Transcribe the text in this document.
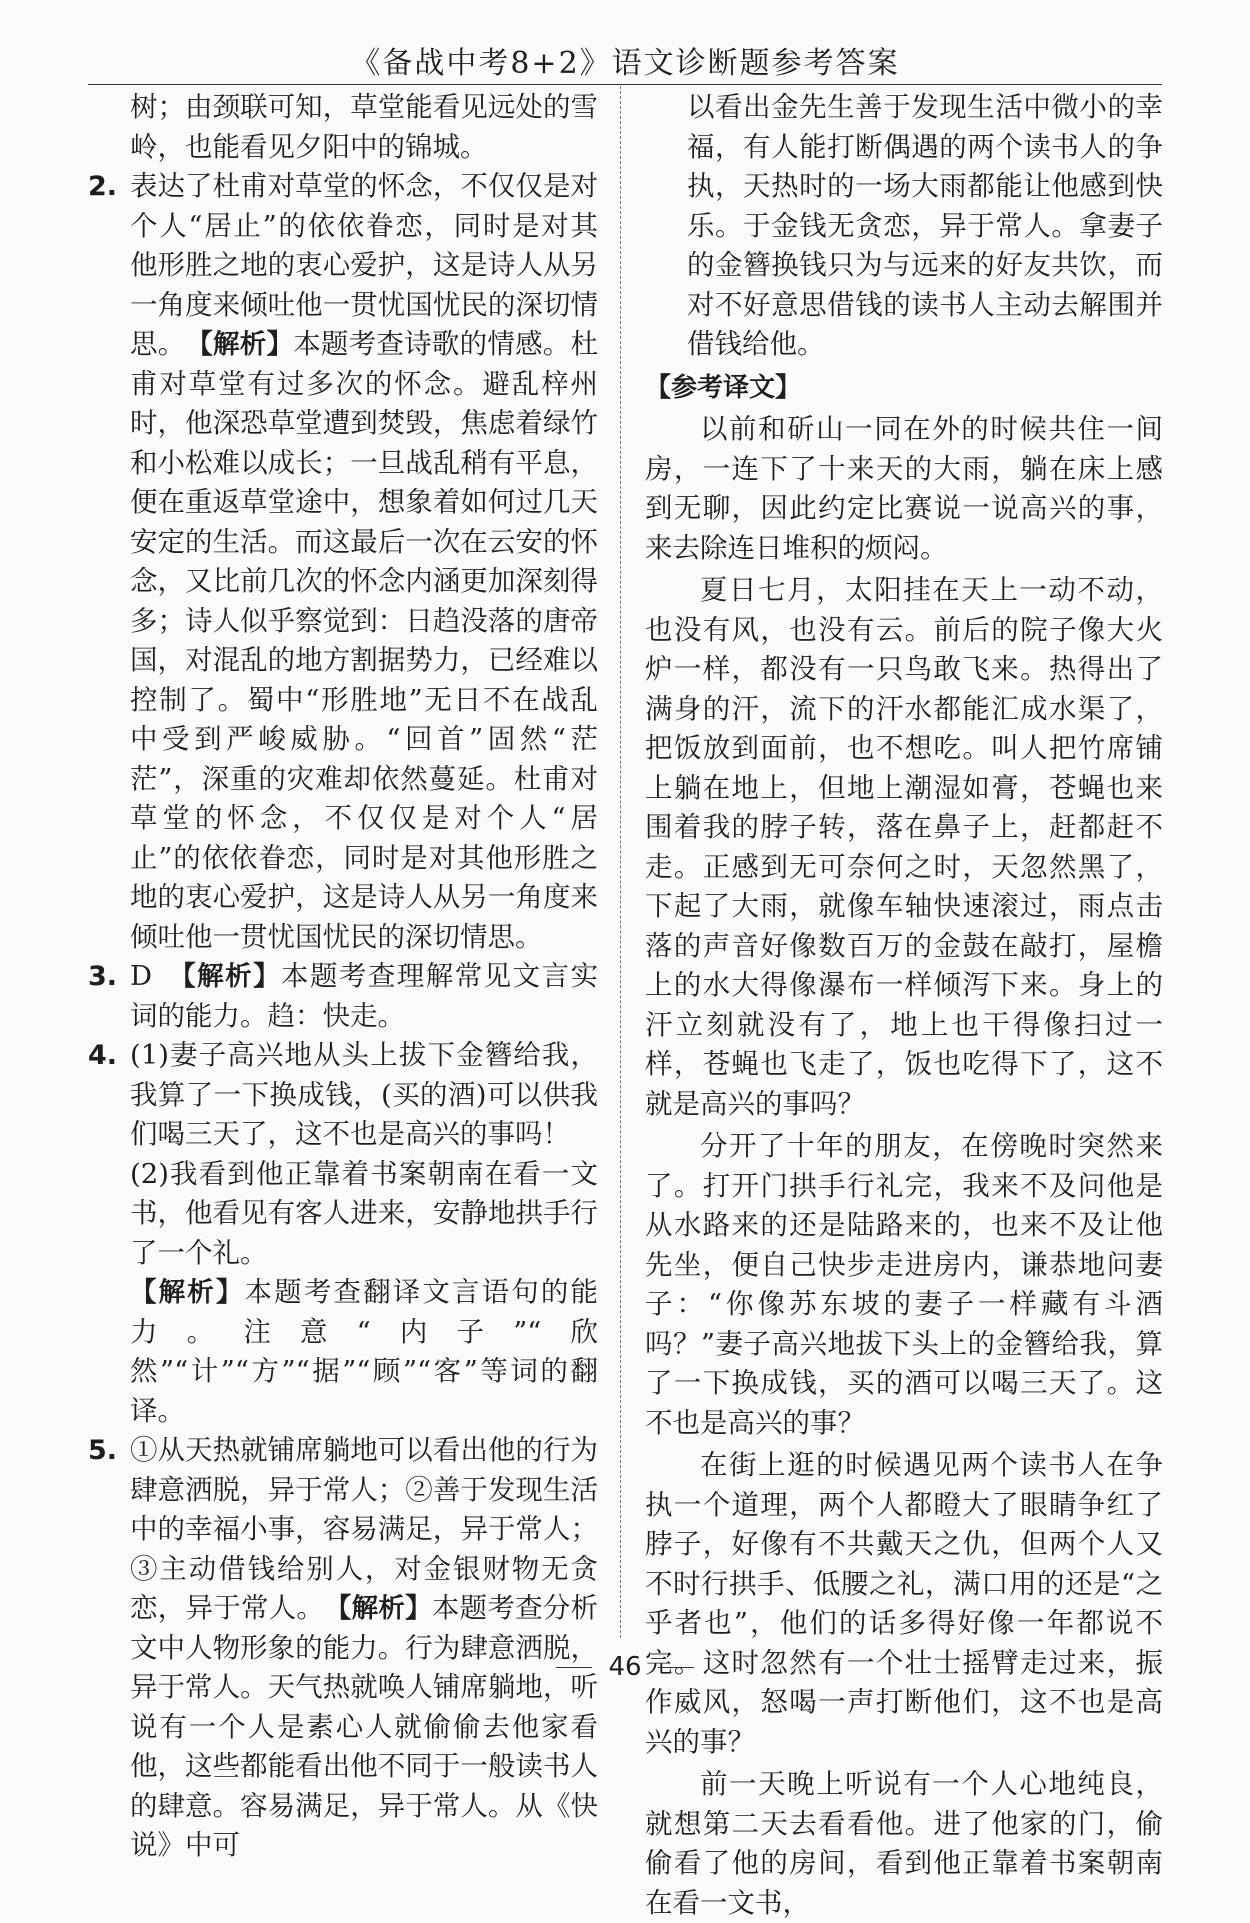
《备战中考8+2》语文诊断题参考答案

树；由颈联可知，草堂能看见远处的雪岭，也能看见夕阳中的锦城。

2. 表达了杜甫对草堂的怀念，不仅仅是对个人“居止”的依依眷恋，同时是对其他形胜之地的衷心爱护，这是诗人从另一角度来倾吐他一贯忧国忧民的深切情思。　 【解析】本题考查诗歌的情感。杜甫对草堂有过多次的怀念。避乱梓州时，他深恐草堂遭到焚毁，焦虑着绿竹和小松难以成长；一旦战乱稍有平息，便在重返草堂途中，想象着如何过几天安定的生活。而这最后一次在云安的怀念，又比前几次的怀念内涵更加深刻得多；诗人似乎察觉到：日趋没落的唐帝国，对混乱的地方割据势力，已经难以控制了。蜀中“形胜地”无日不在战乱中受到严峻威胁。“回首”固然“茫茫”，深重的灾难却依然蔓延。杜甫对草堂的怀念，不仅仅是对个人“居止”的依依眷恋，同时是对其他形胜之地的衷心爱护，这是诗人从另一角度来倾吐他一贯忧国忧民的深切情思。

3. D　 【解析】本题考查理解常见文言实词的能力。趋：快走。

4. (1)妻子高兴地从头上拔下金簪给我，我算了一下换成钱，(买的酒)可以供我们喝三天了，这不也是高兴的事吗！

(2)我看到他正靠着书案朝南在看一文书，他看见有客人进来，安静地拱手行了一个礼。

【解析】本题考查翻译文言语句的能力。注意“内子”“欣然”“计”“方”“据”“顾”“客”等词的翻译。

5. ①从天热就铺席躺地可以看出他的行为肆意洒脱，异于常人；②善于发现生活中的幸福小事，容易满足，异于常人；③主动借钱给别人，对金银财物无贪恋，异于常人。　 【解析】本题考查分析文中人物形象的能力。行为肆意洒脱，异于常人。天气热就唤人铺席躺地，听说有一个人是素心人就偷偷去他家看他，这些都能看出他不同于一般读书人的肆意。容易满足，异于常人。从《快说》中可

以看出金先生善于发现生活中微小的幸福，有人能打断偶遇的两个读书人的争执，天热时的一场大雨都能让他感到快乐。于金钱无贪恋，异于常人。拿妻子的金簪换钱只为与远来的好友共饮，而对不好意思借钱的读书人主动去解围并借钱给他。

【参考译文】

以前和斫山一同在外的时候共住一间房，一连下了十来天的大雨，躺在床上感到无聊，因此约定比赛说一说高兴的事，来去除连日堆积的烦闷。

夏日七月，太阳挂在天上一动不动，也没有风，也没有云。前后的院子像大火炉一样，都没有一只鸟敢飞来。热得出了满身的汗，流下的汗水都能汇成水渠了，把饭放到面前，也不想吃。叫人把竹席铺上躺在地上，但地上潮湿如膏，苍蝇也来围着我的脖子转，落在鼻子上，赶都赶不走。正感到无可奈何之时，天忽然黑了，下起了大雨，就像车轴快速滚过，雨点击落的声音好像数百万的金鼓在敲打，屋檐上的水大得像瀑布一样倾泻下来。身上的汗立刻就没有了，地上也干得像扫过一样，苍蝇也飞走了，饭也吃得下了，这不就是高兴的事吗？

分开了十年的朋友，在傍晚时突然来了。打开门拱手行礼完，我来不及问他是从水路来的还是陆路来的，也来不及让他先坐，便自己快步走进房内，谦恭地问妻子：“你像苏东坡的妻子一样藏有斗酒吗？”妻子高兴地拔下头上的金簪给我，算了一下换成钱，买的酒可以喝三天了。这不也是高兴的事？

在街上逛的时候遇见两个读书人在争执一个道理，两个人都瞪大了眼睛争红了脖子，好像有不共戴天之仇，但两个人又不时行拱手、低腰之礼，满口用的还是“之乎者也”，他们的话多得好像一年都说不完。这时忽然有一个壮士摇臂走过来，振作威风，怒喝一声打断他们，这不也是高兴的事？

前一天晚上听说有一个人心地纯良，就想第二天去看看他。进了他家的门，偷偷看了他的房间，看到他正靠着书案朝南在看一文书，

46
